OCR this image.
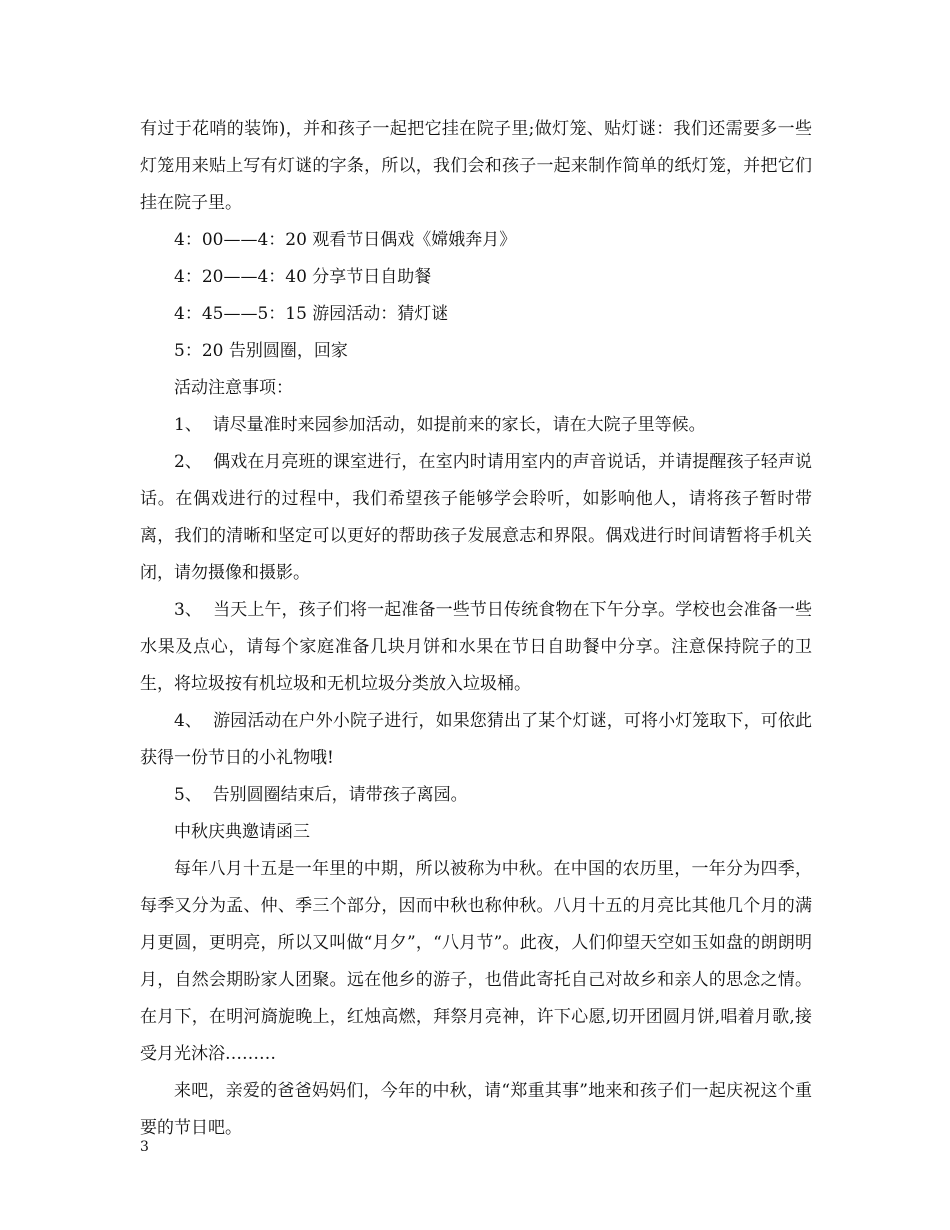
有过于花哨的装饰)，并和孩子一起把它挂在院子里;做灯笼、贴灯谜：我们还需要多一些灯笼用来贴上写有灯谜的字条，所以，我们会和孩子一起来制作简单的纸灯笼，并把它们挂在院子里。

4：00——4：20 观看节日偶戏《嫦娥奔月》

4：20——4：40 分享节日自助餐

4：45——5：15 游园活动：猜灯谜

5：20 告别圆圈，回家

活动注意事项：

1、  请尽量准时来园参加活动，如提前来的家长，请在大院子里等候。

2、  偶戏在月亮班的课室进行，在室内时请用室内的声音说话，并请提醒孩子轻声说话。在偶戏进行的过程中，我们希望孩子能够学会聆听，如影响他人，请将孩子暂时带离，我们的清晰和坚定可以更好的帮助孩子发展意志和界限。偶戏进行时间请暂将手机关闭，请勿摄像和摄影。

3、  当天上午，孩子们将一起准备一些节日传统食物在下午分享。学校也会准备一些水果及点心，请每个家庭准备几块月饼和水果在节日自助餐中分享。注意保持院子的卫生，将垃圾按有机垃圾和无机垃圾分类放入垃圾桶。

4、  游园活动在户外小院子进行，如果您猜出了某个灯谜，可将小灯笼取下，可依此获得一份节日的小礼物哦!

5、  告别圆圈结束后，请带孩子离园。

中秋庆典邀请函三

每年八月十五是一年里的中期，所以被称为中秋。在中国的农历里，一年分为四季，每季又分为孟、仲、季三个部分，因而中秋也称仲秋。八月十五的月亮比其他几个月的满月更圆，更明亮，所以又叫做“月夕”，“八月节”。此夜，人们仰望天空如玉如盘的朗朗明月，自然会期盼家人团聚。远在他乡的游子，也借此寄托自己对故乡和亲人的思念之情。在月下，在明河旖旎晚上，红烛高燃，拜祭月亮神，许下心愿,切开团圆月饼,唱着月歌,接受月光沐浴………

来吧，亲爱的爸爸妈妈们，今年的中秋，请“郑重其事”地来和孩子们一起庆祝这个重要的节日吧。

3
